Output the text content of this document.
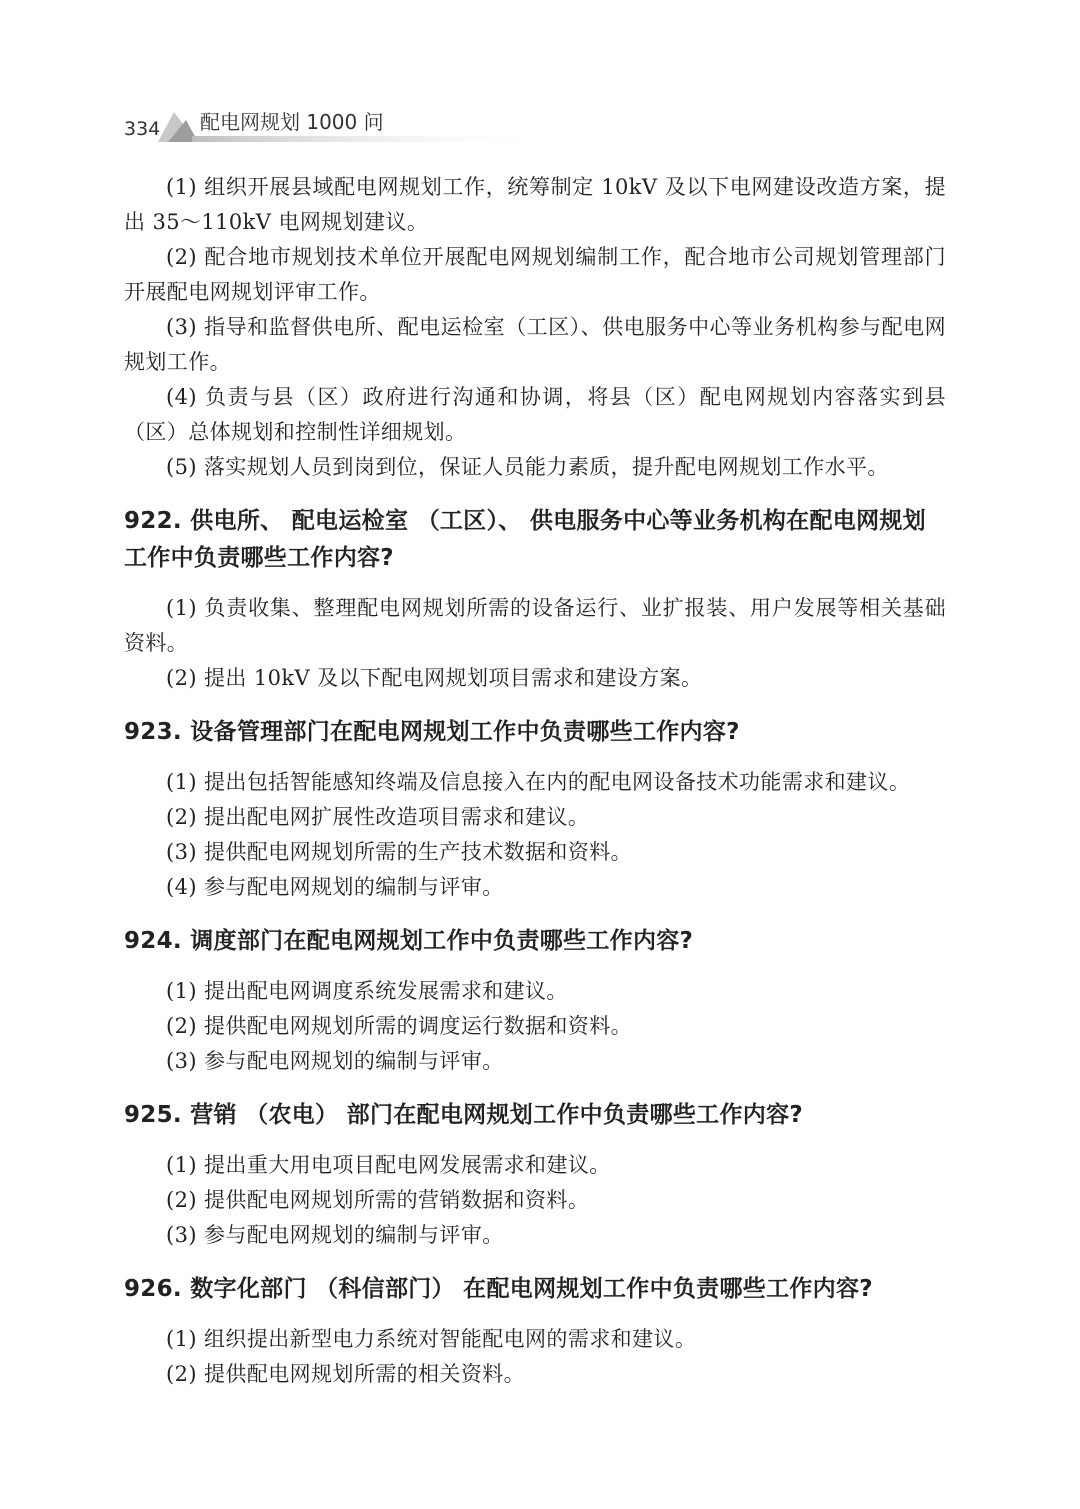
334 配电网规划 1000 问

(1) 组织开展县域配电网规划工作，统筹制定 10kV 及以下电网建设改造方案，提出 35～110kV 电网规划建议。

(2) 配合地市规划技术单位开展配电网规划编制工作，配合地市公司规划管理部门开展配电网规划评审工作。

(3) 指导和监督供电所、配电运检室（工区）、供电服务中心等业务机构参与配电网规划工作。

(4) 负责与县（区）政府进行沟通和协调，将县（区）配电网规划内容落实到县（区）总体规划和控制性详细规划。

(5) 落实规划人员到岗到位，保证人员能力素质，提升配电网规划工作水平。

922. 供电所、 配电运检室 （工区）、 供电服务中心等业务机构在配电网规划工作中负责哪些工作内容?

(1) 负责收集、整理配电网规划所需的设备运行、业扩报装、用户发展等相关基础资料。

(2) 提出 10kV 及以下配电网规划项目需求和建设方案。

923. 设备管理部门在配电网规划工作中负责哪些工作内容?

(1) 提出包括智能感知终端及信息接入在内的配电网设备技术功能需求和建议。

(2) 提出配电网扩展性改造项目需求和建议。

(3) 提供配电网规划所需的生产技术数据和资料。

(4) 参与配电网规划的编制与评审。

924. 调度部门在配电网规划工作中负责哪些工作内容?

(1) 提出配电网调度系统发展需求和建议。

(2) 提供配电网规划所需的调度运行数据和资料。

(3) 参与配电网规划的编制与评审。

925. 营销 （农电） 部门在配电网规划工作中负责哪些工作内容?

(1) 提出重大用电项目配电网发展需求和建议。

(2) 提供配电网规划所需的营销数据和资料。

(3) 参与配电网规划的编制与评审。

926. 数字化部门 （科信部门） 在配电网规划工作中负责哪些工作内容?

(1) 组织提出新型电力系统对智能配电网的需求和建议。

(2) 提供配电网规划所需的相关资料。
